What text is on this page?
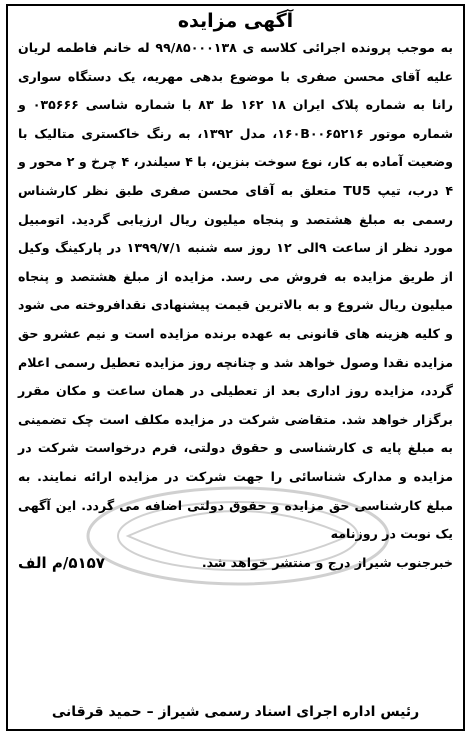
آگهی مزایده
به موجب پرونده اجرائی کلاسه ی ۹۹/۸۵۰۰۰۱۳۸ له خانم فاطمه لریان علیه آقای محسن صفری با موضوع بدهی مهریه، یک دستگاه سواری رانا به شماره پلاک ایران ۱۸ ۱۶۲ ط ۸۳ با شماره شاسی ۰۳۵۶۶۶ و شماره موتور ۱۶۰B۰۰۶۵۲۱۶، مدل ۱۳۹۲، به رنگ خاکستری متالیک با وضعیت آماده به کار، نوع سوخت بنزین، با ۴ سیلندر، ۴ چرخ و ۲ محور و ۴ درب، تیپ TU5 متعلق به آقای محسن صفری طبق نظر کارشناس رسمی به مبلغ هشتصد و پنجاه میلیون ریال ارزیابی گردید. اتومبیل مورد نظر از ساعت ۹الی ۱۲ روز سه شنبه ۱۳۹۹/۷/۱ در پارکینگ وکیل از طریق مزایده به فروش می رسد. مزایده از مبلغ هشتصد و پنجاه میلیون ریال شروع و به بالاترین قیمت پیشنهادی نقدافروخته می شود و کلیه هزینه های قانونی به عهده برنده مزایده است و نیم عشرو حق مزایده نقدا وصول خواهد شد و چنانچه روز مزایده تعطیل رسمی اعلام گردد، مزایده روز اداری بعد از تعطیلی در همان ساعت و مکان مقرر برگزار خواهد شد. متقاضی شرکت در مزایده مکلف است چک تضمینی به مبلغ پایه ی کارشناسی و حقوق دولتی، فرم درخواست شرکت در مزایده و مدارک شناسائی را جهت شرکت در مزایده ارائه نمایند. به مبلغ کارشناسی حق مزایده و حقوق دولتی اضافه می گردد. این آگهی یک نوبت در روزنامه
خبرجنوب شیراز درج و منتشر خواهد شد.
۵۱۵۷/م الف
رئیس اداره اجرای اسناد رسمی شیراز – حمید قرقانی
